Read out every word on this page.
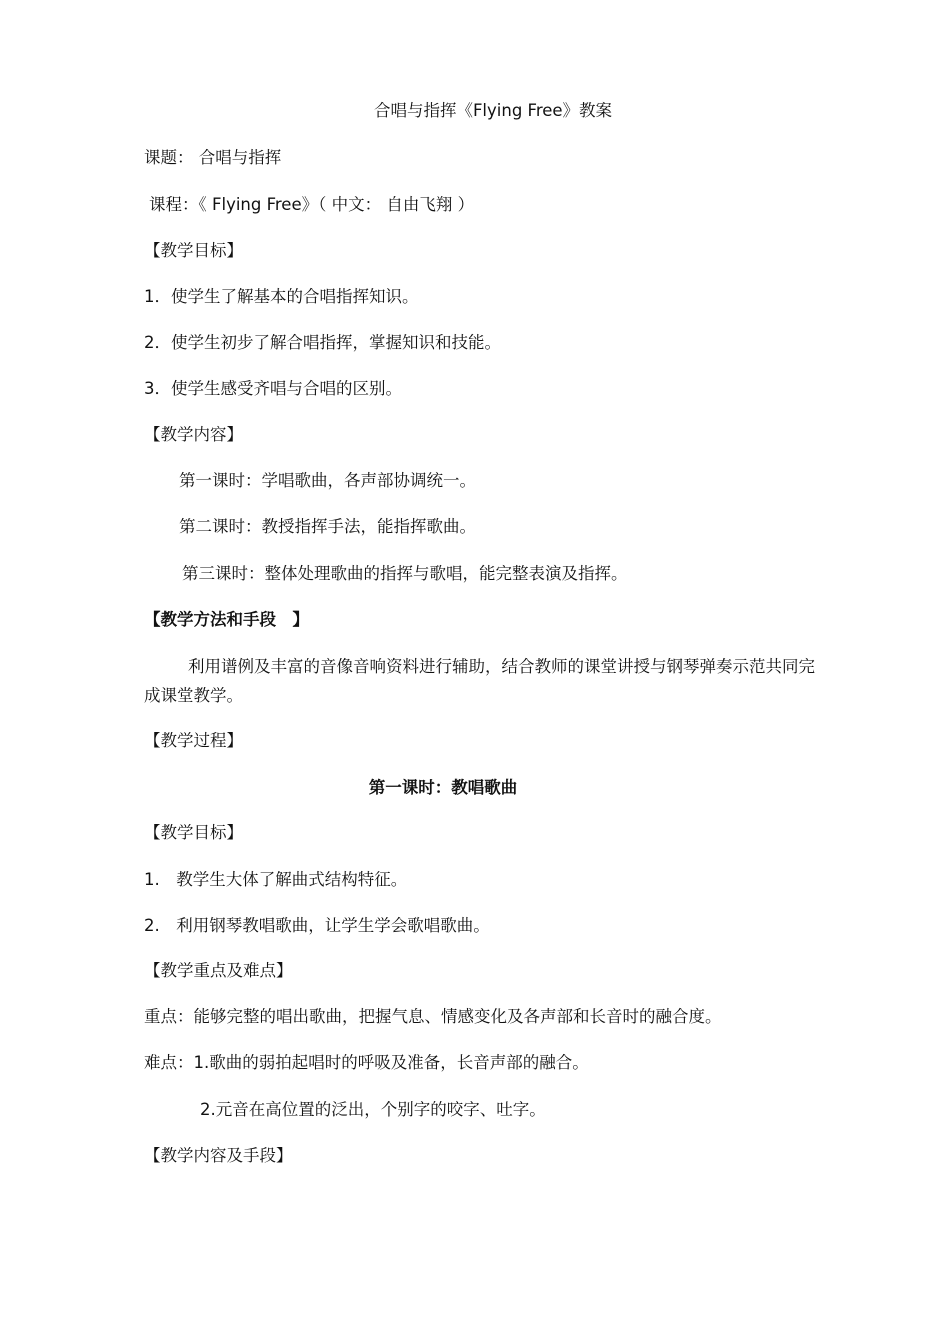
合唱与指挥《Flying Free》教案
课题： 合唱与指挥
课程：《 Flying Free》（ 中文： 自由飞翔 ）
【教学目标】
1．使学生了解基本的合唱指挥知识。
2．使学生初步了解合唱指挥，掌握知识和技能。
3．使学生感受齐唱与合唱的区别。
【教学内容】
第一课时：学唱歌曲，各声部协调统一。
第二课时：教授指挥手法，能指挥歌曲。
第三课时：整体处理歌曲的指挥与歌唱，能完整表演及指挥。
【教学方法和手段　】
利用谱例及丰富的音像音响资料进行辅助，结合教师的课堂讲授与钢琴弹奏示范共同完成课堂教学。
【教学过程】
第一课时：教唱歌曲
【教学目标】
1.　教学生大体了解曲式结构特征。
2.　利用钢琴教唱歌曲，让学生学会歌唱歌曲。
【教学重点及难点】
重点：能够完整的唱出歌曲，把握气息、情感变化及各声部和长音时的融合度。
难点：1.歌曲的弱拍起唱时的呼吸及准备，长音声部的融合。
2.元音在高位置的泛出，个别字的咬字、吐字。
【教学内容及手段】
